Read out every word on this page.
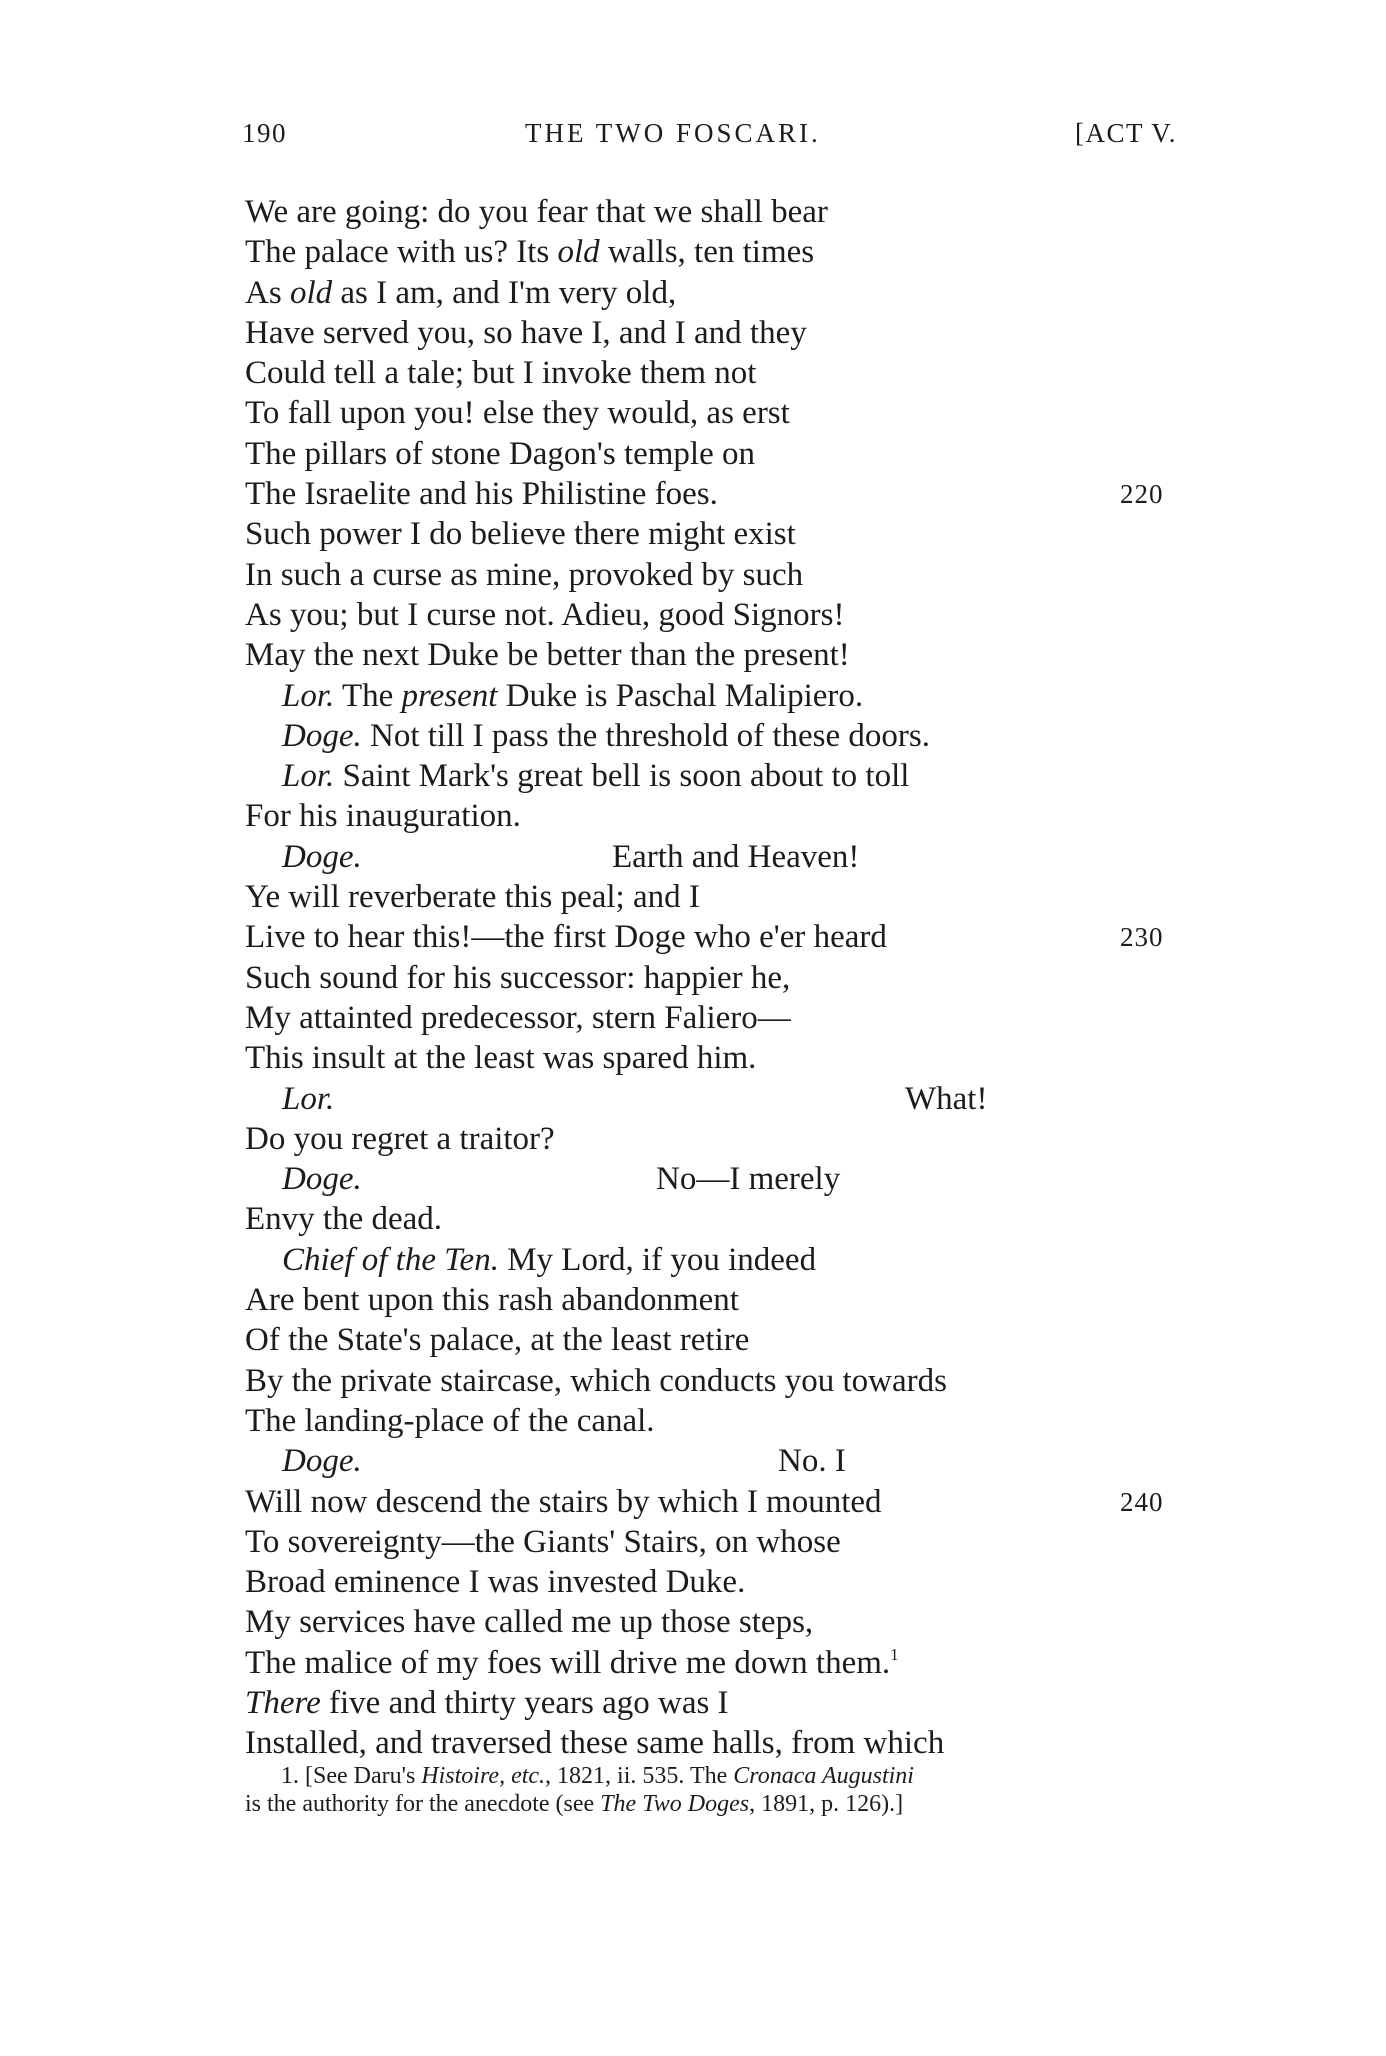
190	THE TWO FOSCARI.	[ACT V.
We are going: do you fear that we shall bear
The palace with us? Its old walls, ten times
As old as I am, and I'm very old,
Have served you, so have I, and I and they
Could tell a tale; but I invoke them not
To fall upon you! else they would, as erst
The pillars of stone Dagon's temple on
The Israelite and his Philistine foes.	220
Such power I do believe there might exist
In such a curse as mine, provoked by such
As you; but I curse not. Adieu, good Signors!
May the next Duke be better than the present!
Lor. The present Duke is Paschal Malipiero.
Doge. Not till I pass the threshold of these doors.
Lor. Saint Mark's great bell is soon about to toll
For his inauguration.
Doge.	Earth and Heaven!
Ye will reverberate this peal; and I
Live to hear this!—the first Doge who e'er heard	230
Such sound for his successor: happier he,
My attainted predecessor, stern Faliero—
This insult at the least was spared him.
Lor.	What!
Do you regret a traitor?
Doge.	No—I merely
Envy the dead.
Chief of the Ten. My Lord, if you indeed
Are bent upon this rash abandonment
Of the State's palace, at the least retire
By the private staircase, which conducts you towards
The landing-place of the canal.
Doge.	No. I
Will now descend the stairs by which I mounted	240
To sovereignty—the Giants' Stairs, on whose
Broad eminence I was invested Duke.
My services have called me up those steps,
The malice of my foes will drive me down them.$^1$
There five and thirty years ago was I
Installed, and traversed these same halls, from which
1. [See Daru's Histoire, etc., 1821, ii. 535. The Cronaca Augustini
is the authority for the anecdote (see The Two Doges, 1891, p. 126).]
